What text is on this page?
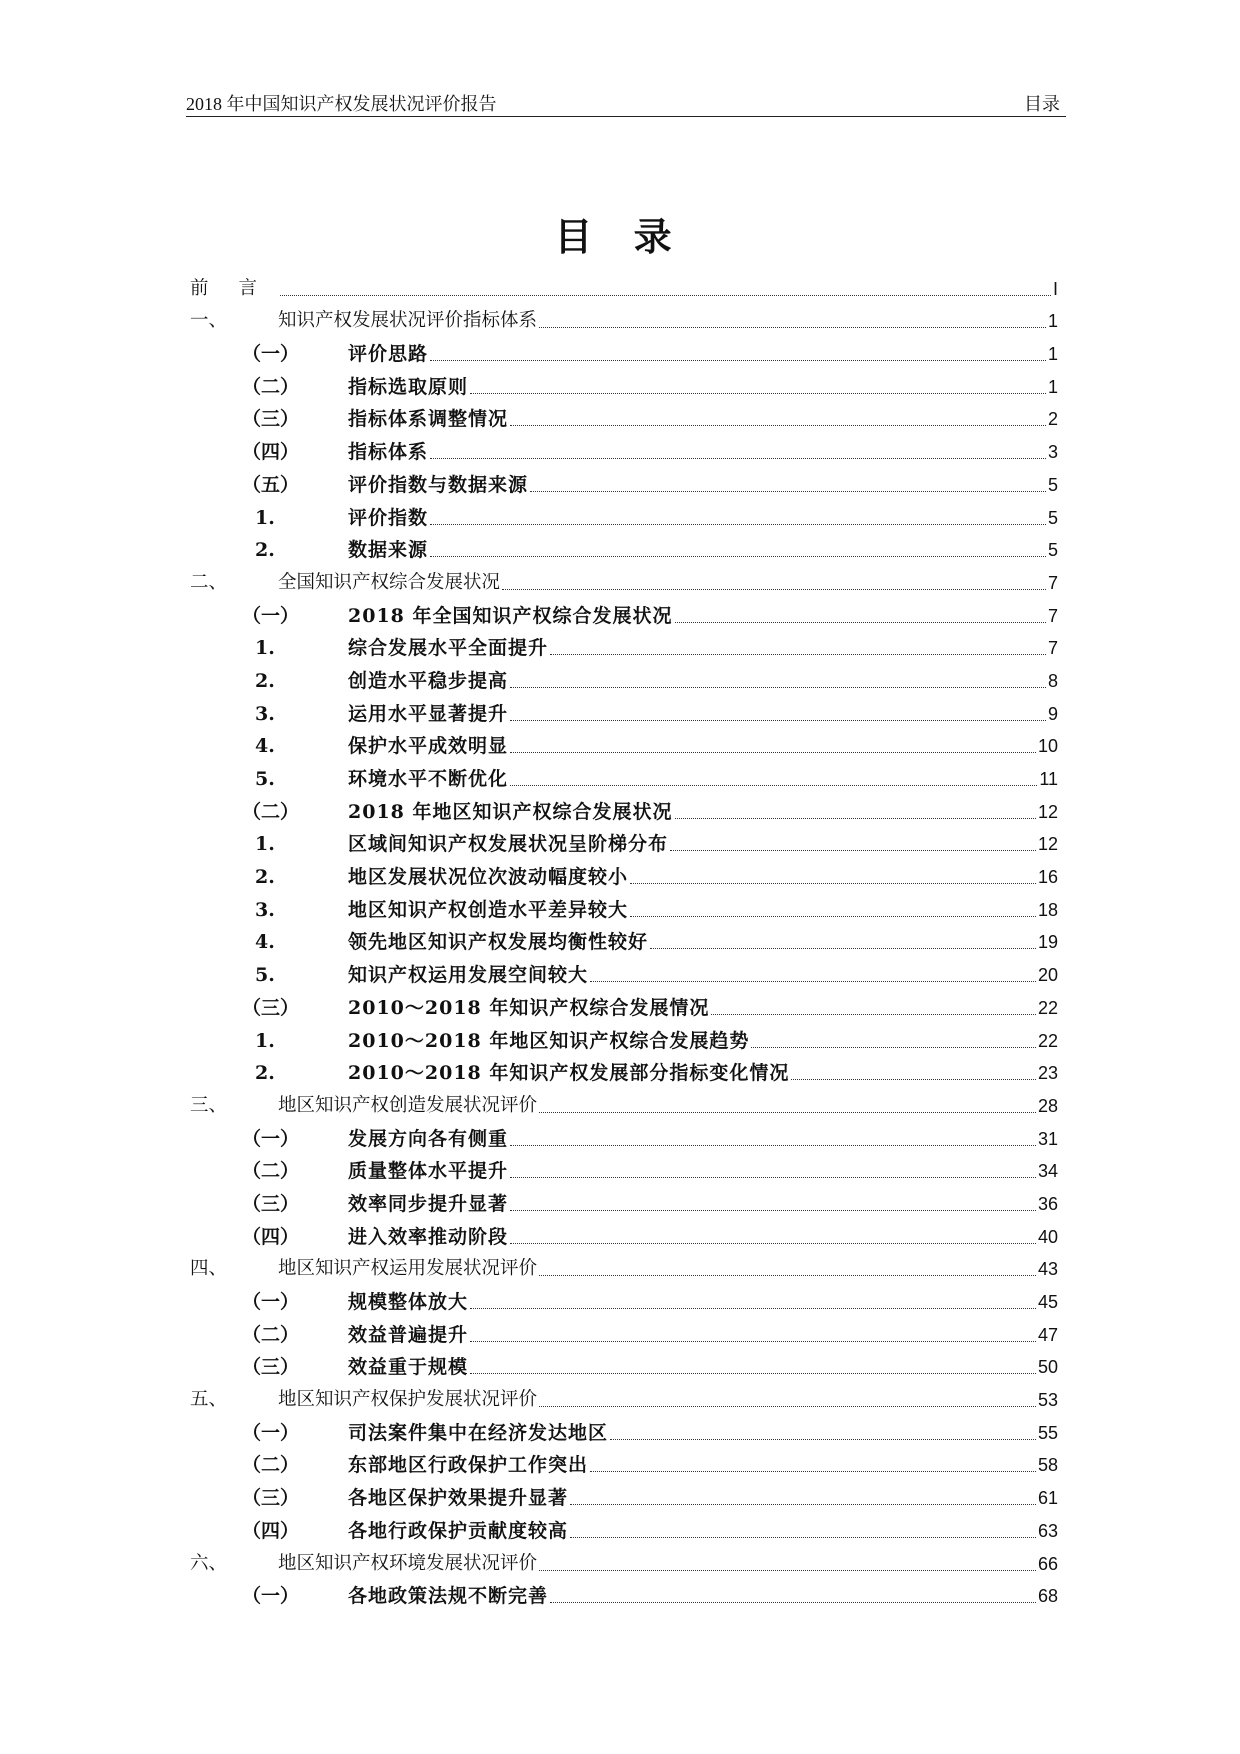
2018 年中国知识产权发展状况评价报告	目录
目 录
前言	I
一、	知识产权发展状况评价指标体系	1
（一）	评价思路	1
（二）	指标选取原则	1
（三）	指标体系调整情况	2
（四）	指标体系	3
（五）	评价指数与数据来源	5
1.	评价指数	5
2.	数据来源	5
二、	全国知识产权综合发展状况	7
（一）	2018 年全国知识产权综合发展状况	7
1.	综合发展水平全面提升	7
2.	创造水平稳步提高	8
3.	运用水平显著提升	9
4.	保护水平成效明显	10
5.	环境水平不断优化	11
（二）	2018 年地区知识产权综合发展状况	12
1.	区域间知识产权发展状况呈阶梯分布	12
2.	地区发展状况位次波动幅度较小	16
3.	地区知识产权创造水平差异较大	18
4.	领先地区知识产权发展均衡性较好	19
5.	知识产权运用发展空间较大	20
（三）	2010～2018 年知识产权综合发展情况	22
1.	2010～2018 年地区知识产权综合发展趋势	22
2.	2010～2018 年知识产权发展部分指标变化情况	23
三、	地区知识产权创造发展状况评价	28
（一）	发展方向各有侧重	31
（二）	质量整体水平提升	34
（三）	效率同步提升显著	36
（四）	进入效率推动阶段	40
四、	地区知识产权运用发展状况评价	43
（一）	规模整体放大	45
（二）	效益普遍提升	47
（三）	效益重于规模	50
五、	地区知识产权保护发展状况评价	53
（一）	司法案件集中在经济发达地区	55
（二）	东部地区行政保护工作突出	58
（三）	各地区保护效果提升显著	61
（四）	各地行政保护贡献度较高	63
六、	地区知识产权环境发展状况评价	66
（一）	各地政策法规不断完善	68
